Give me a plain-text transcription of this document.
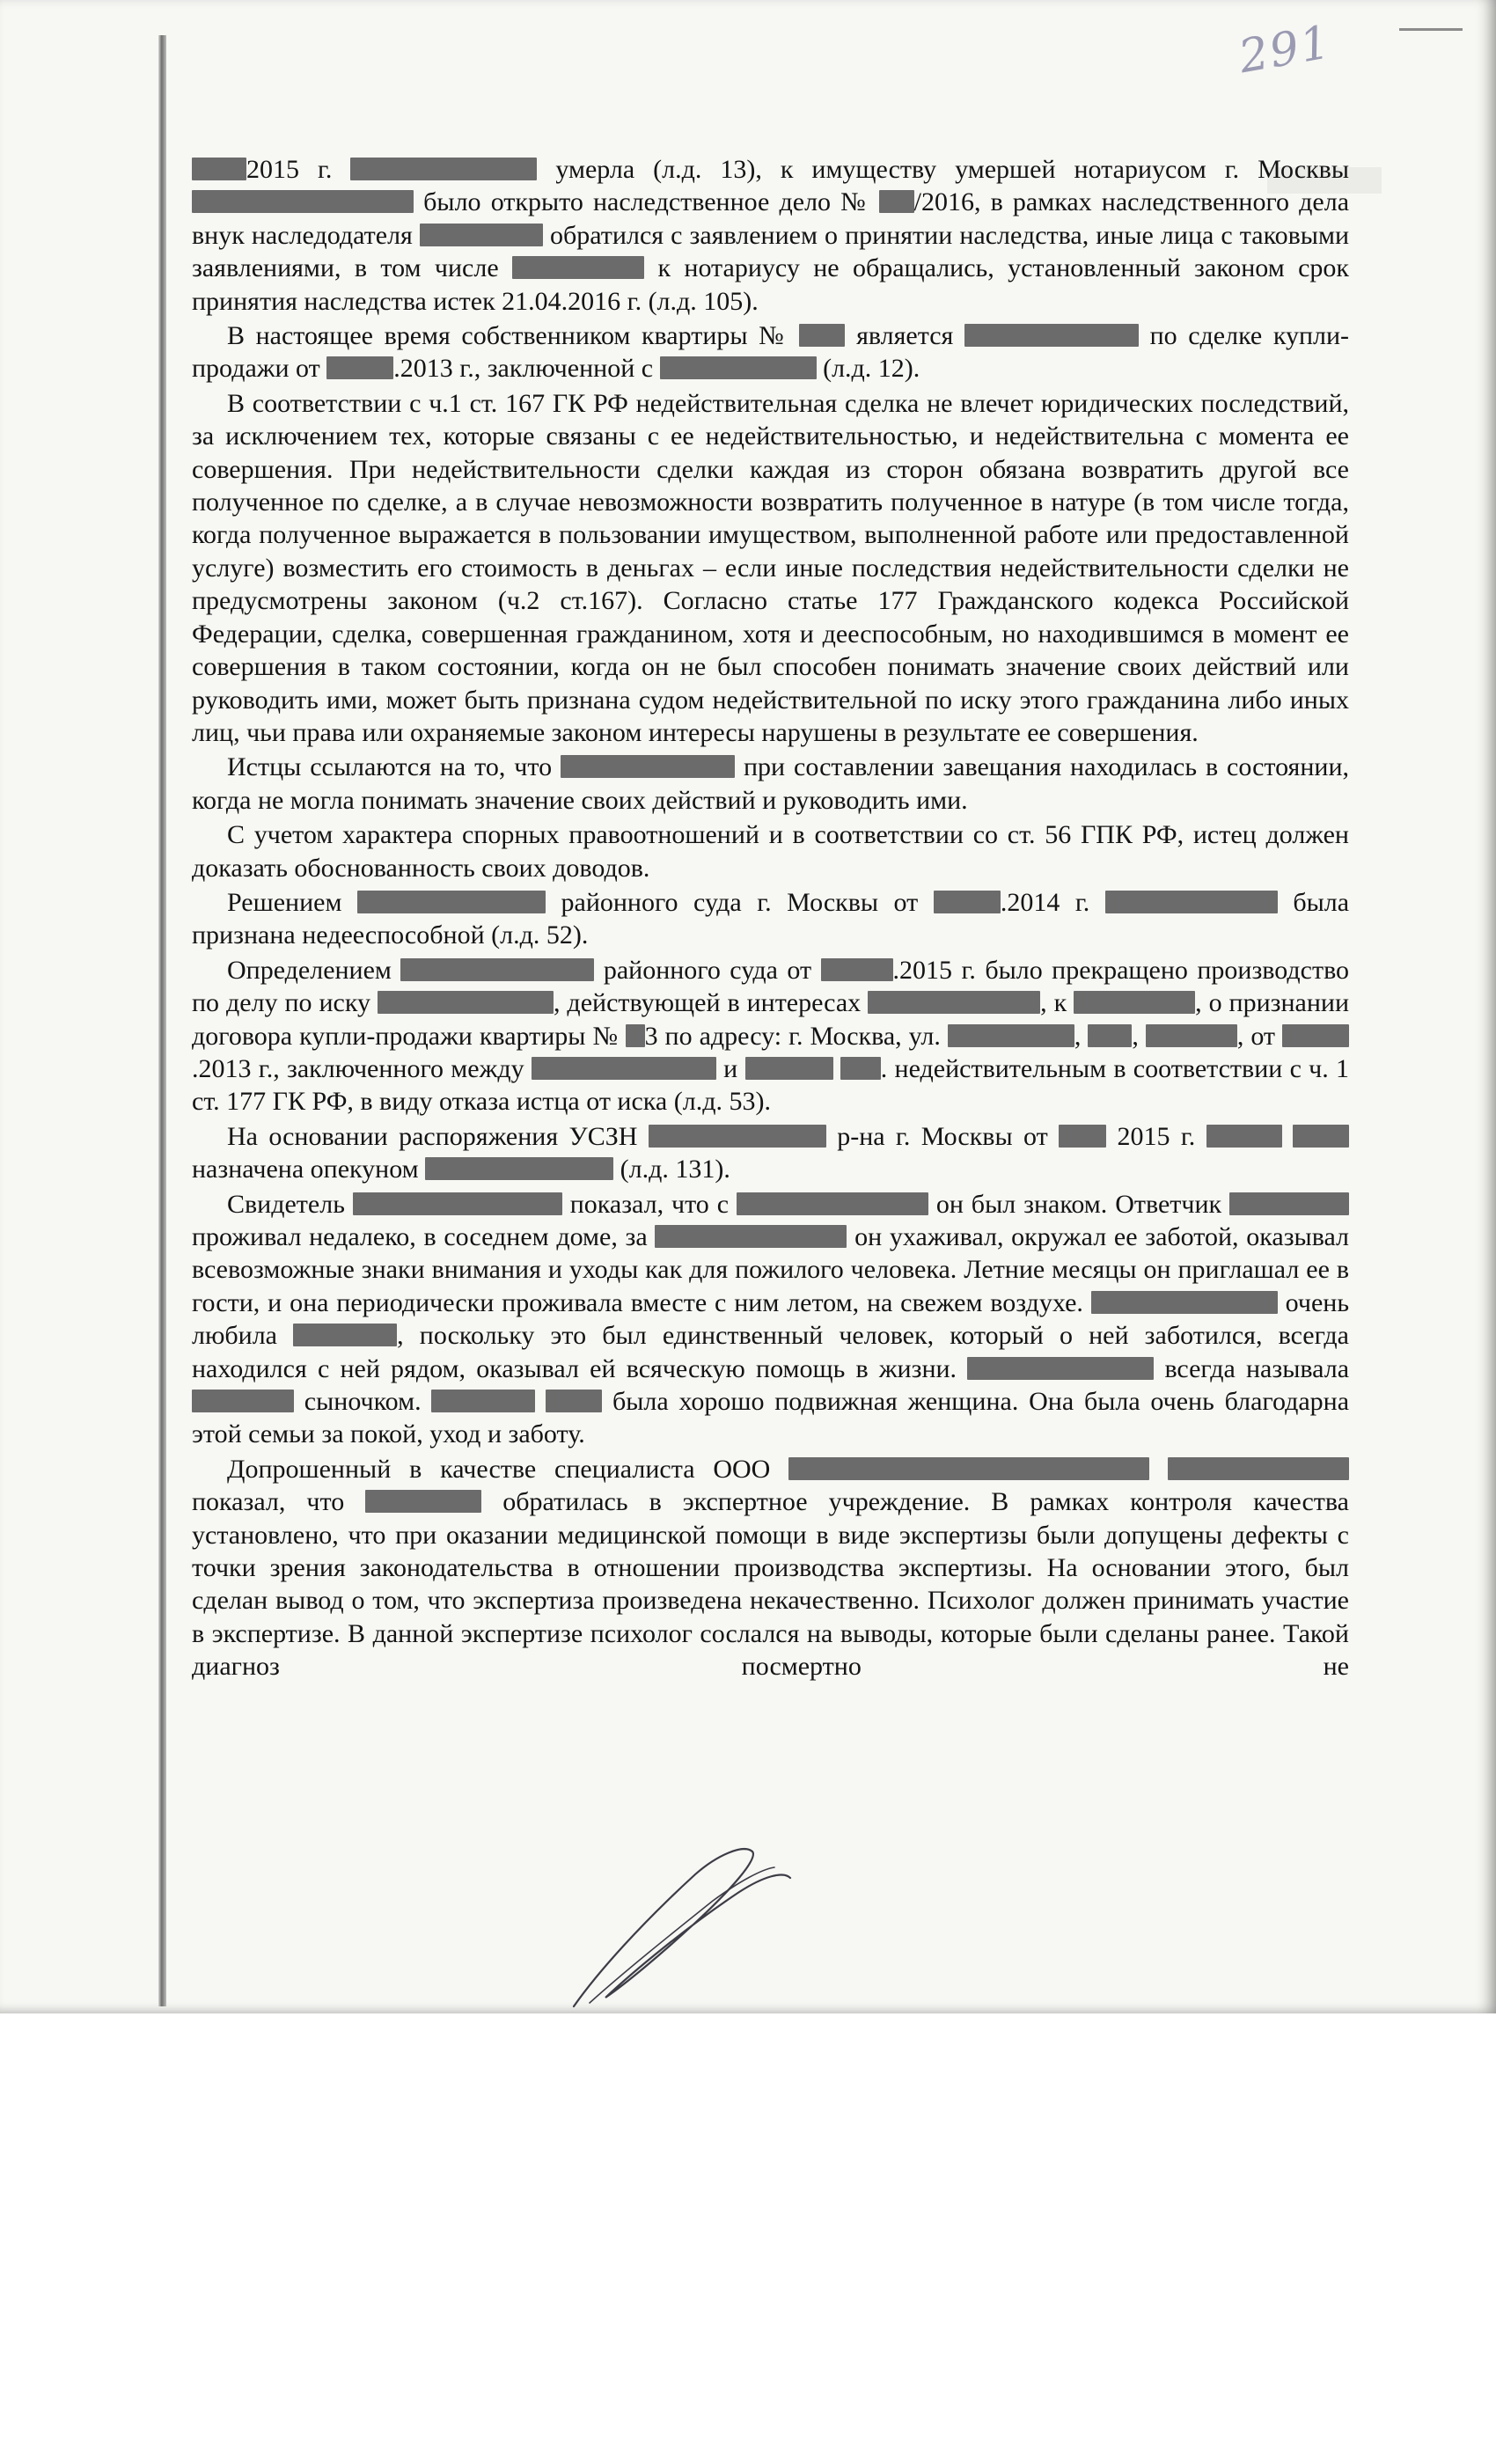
291

2015 г.	умерла (л.д. 13), к имуществу умершей нотариусом г. Москвы  было открыто наследственное дело № /2016, в рамках наследственного дела внук наследодателя	обратился с заявлением о принятии наследства, иные лица с таковыми заявлениями, в том числе	к нотариусу не обращались, установленный законом срок принятия наследства истек 21.04.2016 г. (л.д. 105).

В настоящее время собственником квартиры №	является	по сделке купли-продажи от	.2013 г., заключенной с	(л.д. 12).

В соответствии с ч.1 ст. 167 ГК РФ недействительная сделка не влечет юридических последствий, за исключением тех, которые связаны с ее недействительностью, и недействительна с момента ее совершения. При недействительности сделки каждая из сторон обязана возвратить другой все полученное по сделке, а в случае невозможности возвратить полученное в натуре (в том числе тогда, когда полученное выражается в пользовании имуществом, выполненной работе или предоставленной услуге) возместить его стоимость в деньгах – если иные последствия недействительности сделки не предусмотрены законом (ч.2 ст.167). Согласно статье 177 Гражданского кодекса Российской Федерации, сделка, совершенная гражданином, хотя и дееспособным, но находившимся в момент ее совершения в таком состоянии, когда он не был способен понимать значение своих действий или руководить ими, может быть признана судом недействительной по иску этого гражданина либо иных лиц, чьи права или охраняемые законом интересы нарушены в результате ее совершения.

Истцы ссылаются на то, что	при составлении завещания находилась в состоянии, когда не могла понимать значение своих действий и руководить ими.

С учетом характера спорных правоотношений и в соответствии со ст. 56 ГПК РФ, истец должен доказать обоснованность своих доводов.

Решением	районного суда г. Москвы от	.2014 г.	была признана недееспособной (л.д. 52).

Определением	районного суда от	.2015 г. было прекращено производство по делу по иску	, действующей в интересах	, к	, о признании договора купли-продажи квартиры № 3 по адресу: г. Москва, ул.	, ,	, от .2013 г., заключенного между	и	. недействительным в соответствии с ч. 1 ст. 177 ГК РФ, в виду отказа истца от иска (л.д. 53).

На основании распоряжения УСЗН	р-на г. Москвы от	2015 г.   назначена опекуном	(л.д. 131).

Свидетель	показал, что с	он был знаком. Ответчик  проживал недалеко, в соседнем доме, за	он ухаживал, окружал ее заботой, оказывал всевозможные знаки внимания и уходы как для пожилого человека. Летние месяцы он приглашал ее в гости, и она периодически проживала вместе с ним летом, на свежем воздухе.	очень любила	, поскольку это был единственный человек, который о ней заботился, всегда находился с ней рядом, оказывал ей всяческую помощь в жизни.	всегда называла  сыночком.	была хорошо подвижная женщина. Она была очень благодарна этой семьи за покой, уход и заботу.

Допрошенный в качестве специалиста ООО   показал, что	обратилась в экспертное учреждение. В рамках контроля качества установлено, что при оказании медицинской помощи в виде экспертизы были допущены дефекты с точки зрения законодательства в отношении производства экспертизы. На основании этого, был сделан вывод о том, что экспертиза произведена некачественно. Психолог должен принимать участие в экспертизе. В данной экспертизе психолог сослался на выводы, которые были сделаны ранее. Такой диагноз посмертно не
